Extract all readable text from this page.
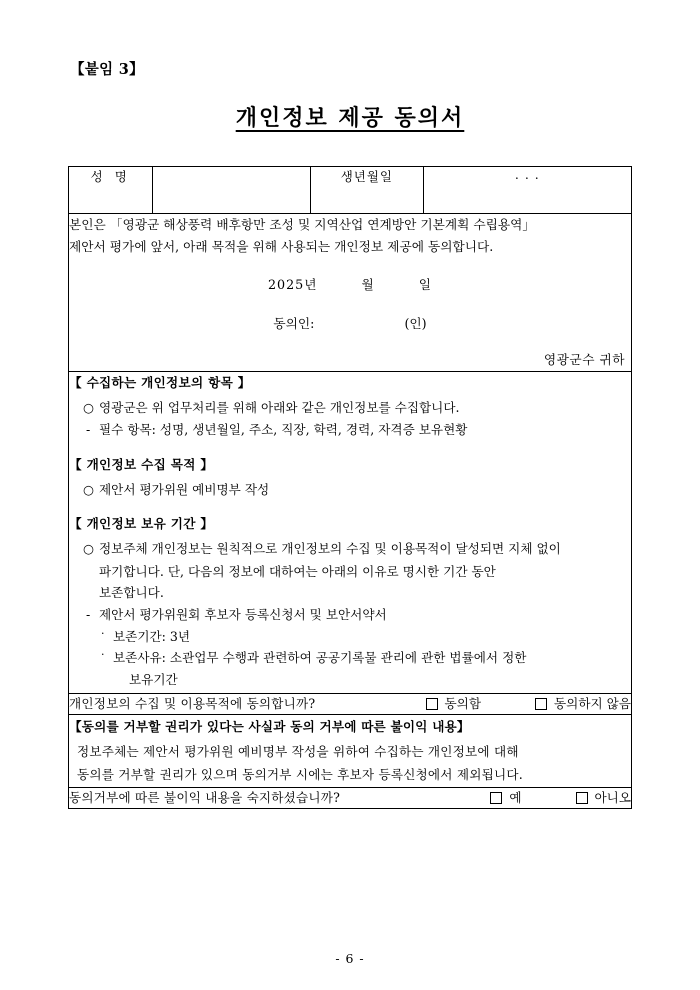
【붙임 3】
개인정보 제공 동의서
성 명		생년월일	. . .

본인은 「영광군 해상풍력 배후항만 조성 및 지역산업 연계방안 기본계획 수립용역」

제안서 평가에 앞서, 아래 목적을 위해 사용되는 개인정보 제공에 동의합니다.

2025년	월	일

동의인:	(인)

영광군수 귀하

【 수집하는 개인정보의 항목 】
○ 영광군은 위 업무처리를 위해 아래와 같은 개인정보를 수집합니다.
- 필수 항목: 성명, 생년월일, 주소, 직장, 학력, 경력, 자격증 보유현황
【 개인정보 수집 목적 】
○ 제안서 평가위원 예비명부 작성
【 개인정보 보유 기간 】
○ 정보주체 개인정보는 원칙적으로 개인정보의 수집 및 이용목적이 달성되면 지체 없이
파기합니다. 단, 다음의 정보에 대하여는 아래의 이유로 명시한 기간 동안
보존합니다.
- 제안서 평가위원회 후보자 등록신청서 및 보안서약서
· 보존기간: 3년
· 보존사유: 소관업무 수행과 관련하여 공공기록물 관리에 관한 법률에서 정한
보유기간

개인정보의 수집 및 이용목적에 동의합니까?	동의함	동의하지 않음

【동의를 거부할 권리가 있다는 사실과 동의 거부에 따른 불이익 내용】

정보주체는 제안서 평가위원 예비명부 작성을 위하여 수집하는 개인정보에 대해

동의를 거부할 권리가 있으며 동의거부 시에는 후보자 등록신청에서 제외됩니다.

동의거부에 따른 불이익 내용을 숙지하셨습니까?	예	아니오
- 6 -
